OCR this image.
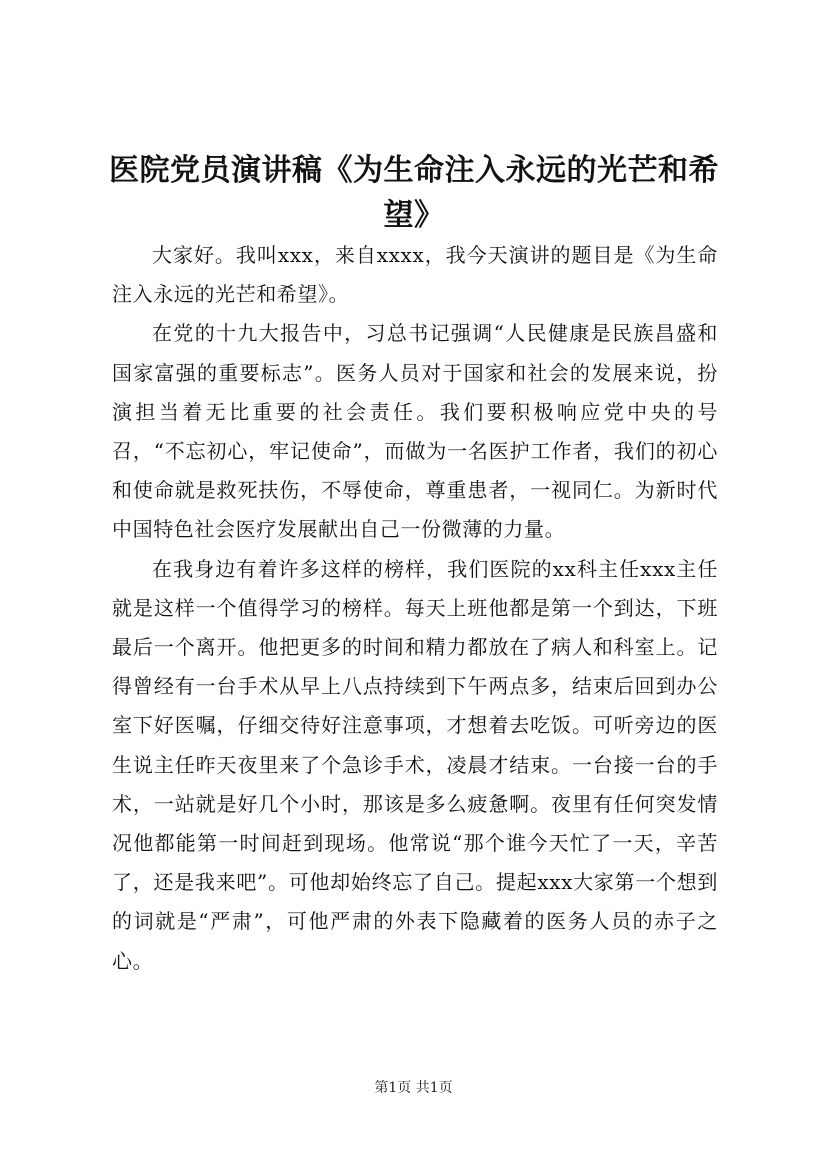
医院党员演讲稿《为生命注入永远的光芒和希望》

大家好。我叫xxx，来自xxxx，我今天演讲的题目是《为生命注入永远的光芒和希望》。

在党的十九大报告中，习总书记强调“人民健康是民族昌盛和国家富强的重要标志”。医务人员对于国家和社会的发展来说，扮演担当着无比重要的社会责任。我们要积极响应党中央的号召，“不忘初心，牢记使命”，而做为一名医护工作者，我们的初心和使命就是救死扶伤，不辱使命，尊重患者，一视同仁。为新时代中国特色社会医疗发展献出自己一份微薄的力量。

在我身边有着许多这样的榜样，我们医院的xx科主任xxx主任就是这样一个值得学习的榜样。每天上班他都是第一个到达，下班最后一个离开。他把更多的时间和精力都放在了病人和科室上。记得曾经有一台手术从早上八点持续到下午两点多，结束后回到办公室下好医嘱，仔细交待好注意事项，才想着去吃饭。可听旁边的医生说主任昨天夜里来了个急诊手术，凌晨才结束。一台接一台的手术，一站就是好几个小时，那该是多么疲惫啊。夜里有任何突发情况他都能第一时间赶到现场。他常说“那个谁今天忙了一天，辛苦了，还是我来吧”。可他却始终忘了自己。提起xxx大家第一个想到的词就是“严肃”，可他严肃的外表下隐藏着的医务人员的赤子之心。

第1页 共1页
